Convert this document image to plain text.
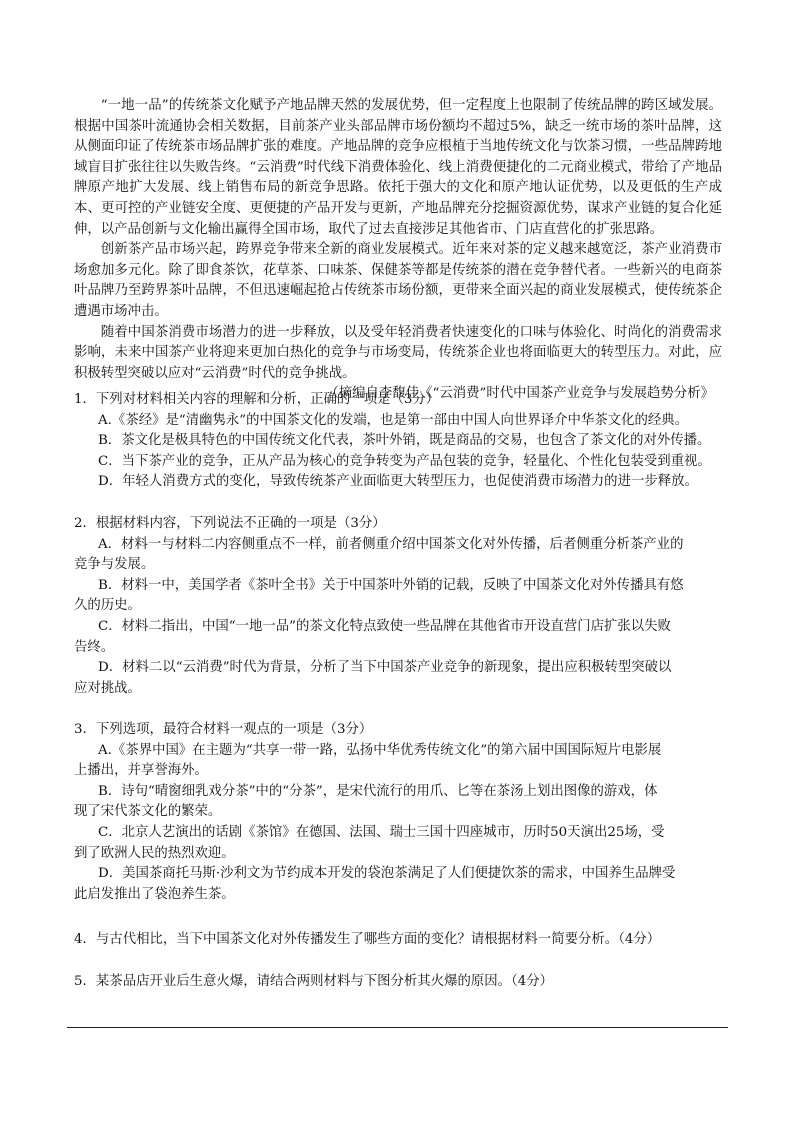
“一地一品”的传统茶文化赋予产地品牌天然的发展优势，但一定程度上也限制了传统品牌的跨区域发展。根据中国茶叶流通协会相关数据，目前茶产业头部品牌市场份额均不超过5%，缺乏一统市场的茶叶品牌，这从侧面印证了传统茶市场品牌扩张的难度。产地品牌的竞争应根植于当地传统文化与饮茶习惯，一些品牌跨地域盲目扩张往往以失败告终。“云消费”时代线下消费体验化、线上消费便捷化的二元商业模式，带给了产地品牌原产地扩大发展、线上销售布局的新竞争思路。依托于强大的文化和原产地认证优势，以及更低的生产成本、更可控的产业链安全度、更便捷的产品开发与更新，产地品牌充分挖掘资源优势，谋求产业链的复合化延伸，以产品创新与文化输出赢得全国市场，取代了过去直接涉足其他省市、门店直营化的扩张思路。

创新茶产品市场兴起，跨界竞争带来全新的商业发展模式。近年来对茶的定义越来越宽泛，茶产业消费市场愈加多元化。除了即食茶饮，花草茶、口味茶、保健茶等都是传统茶的潜在竞争替代者。一些新兴的电商茶叶品牌乃至跨界茶叶品牌，不但迅速崛起抢占传统茶市场份额，更带来全面兴起的商业发展模式，使传统茶企遭遇市场冲击。

随着中国茶消费市场潜力的进一步释放，以及受年轻消费者快速变化的口味与体验化、时尚化的消费需求影响，未来中国茶产业将迎来更加白热化的竞争与市场变局，传统茶企业也将面临更大的转型压力。对此，应积极转型突破以应对“云消费”时代的竞争挑战。

（摘编自李馥佳《“云消费”时代中国茶产业竞争与发展趋势分析》

1．下列对材料相关内容的理解和分析，正确的一项是（3分）

A.《茶经》是“清幽隽永”的中国茶文化的发端，也是第一部由中国人向世界译介中华茶文化的经典。

B．茶文化是极具特色的中国传统文化代表，茶叶外销，既是商品的交易，也包含了茶文化的对外传播。

C．当下茶产业的竞争，正从产品为核心的竞争转变为产品包装的竞争，轻量化、个性化包装受到重视。

D．年轻人消费方式的变化，导致传统茶产业面临更大转型压力，也促使消费市场潜力的进一步释放。

2．根据材料内容，下列说法不正确的一项是（3分）

A．材料一与材料二内容侧重点不一样，前者侧重介绍中国茶文化对外传播，后者侧重分析茶产业的
竞争与发展。
B．材料一中，美国学者《茶叶全书》关于中国茶叶外销的记载，反映了中国茶文化对外传播具有悠
久的历史。
C．材料二指出，中国“一地一品”的茶文化特点致使一些品牌在其他省市开设直营门店扩张以失败
告终。
D．材料二以“云消费”时代为背景，分析了当下中国茶产业竞争的新现象，提出应积极转型突破以
应对挑战。

3．下列选项，最符合材料一观点的一项是（3分）

A.《茶界中国》在主题为“共享一带一路，弘扬中华优秀传统文化”的第六届中国国际短片电影展
上播出，并享誉海外。
B．诗句“晴窗细乳戏分茶”中的“分茶”，是宋代流行的用爪、匕等在茶汤上划出图像的游戏，体
现了宋代茶文化的繁荣。
C．北京人艺演出的话剧《茶馆》在德国、法国、瑞士三国十四座城市，历时50天演出25场，受
到了欧洲人民的热烈欢迎。
D．美国茶商托马斯·沙利文为节约成本开发的袋泡茶满足了人们便捷饮茶的需求，中国养生品牌受
此启发推出了袋泡养生茶。

4．与古代相比，当下中国茶文化对外传播发生了哪些方面的变化？请根据材料一简要分析。（4分）

5．某茶品店开业后生意火爆，请结合两则材料与下图分析其火爆的原因。（4分）
